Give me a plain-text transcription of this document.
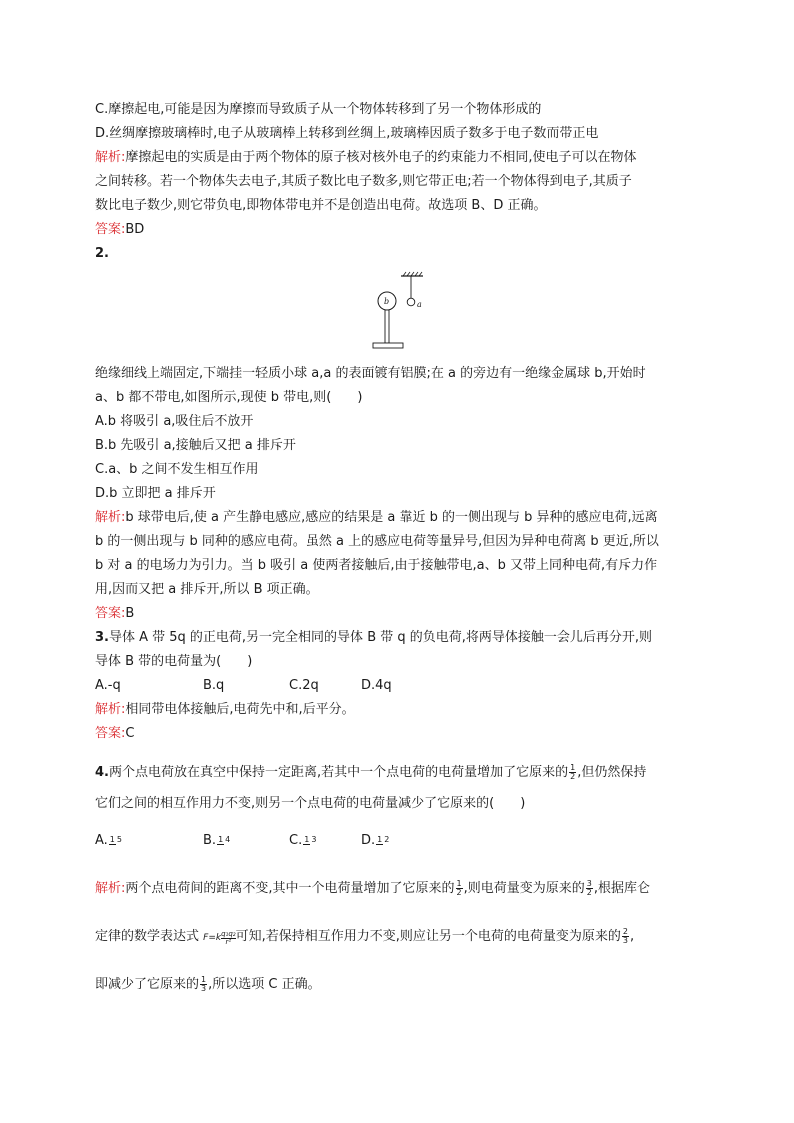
C.摩擦起电,可能是因为摩擦而导致质子从一个物体转移到了另一个物体形成的
D.丝绸摩擦玻璃棒时,电子从玻璃棒上转移到丝绸上,玻璃棒因质子数多于电子数而带正电
解析:摩擦起电的实质是由于两个物体的原子核对核外电子的约束能力不相同,使电子可以在物体
之间转移。若一个物体失去电子,其质子数比电子数多,则它带正电;若一个物体得到电子,其质子
数比电子数少,则它带负电,即物体带电并不是创造出电荷。故选项 B、D 正确。
答案:BD
2.
a
b
绝缘细线上端固定,下端挂一轻质小球 a,a 的表面镀有铝膜;在 a 的旁边有一绝缘金属球 b,开始时
a、b 都不带电,如图所示,现使 b 带电,则(　　)
A.b 将吸引 a,吸住后不放开
B.b 先吸引 a,接触后又把 a 排斥开
C.a、b 之间不发生相互作用
D.b 立即把 a 排斥开
解析:b 球带电后,使 a 产生静电感应,感应的结果是 a 靠近 b 的一侧出现与 b 异种的感应电荷,远离
b 的一侧出现与 b 同种的感应电荷。虽然 a 上的感应电荷等量异号,但因为异种电荷离 b 更近,所以
b 对 a 的电场力为引力。当 b 吸引 a 使两者接触后,由于接触带电,a、b 又带上同种电荷,有斥力作
用,因而又把 a 排斥开,所以 B 项正确。
答案:B
3.导体 A 带 5q 的正电荷,另一完全相同的导体 B 带 q 的负电荷,将两导体接触一会儿后再分开,则
导体 B 带的电荷量为(　　)
A.-q	B.q	C.2q	D.4q
解析:相同带电体接触后,电荷先中和,后平分。
答案:C
4.两个点电荷放在真空中保持一定距离,若其中一个点电荷的电荷量增加了它原来的 $\frac{1}{2}$ ,但仍然保持
它们之间的相互作用力不变,则另一个点电荷的电荷量减少了它原来的(　　)
A. 1 5	B. 1 4	C. 1 3	D. 1 2
解析:两个点电荷间的距离不变,其中一个电荷量增加了它原来的 $\frac{1}{2}$ ,则电荷量变为原来的 $\frac{3}{2}$ ,根据库仑
定律的数学表达式 $F=k \frac{\text{q₁q₂}}{\text{r²}}$ 可知,若保持相互作用力不变,则应让另一个电荷的电荷量变为原来的 $\frac{2}{3}$ ,
即减少了它原来的 $\frac{1}{3}$ ,所以选项 C 正确。
